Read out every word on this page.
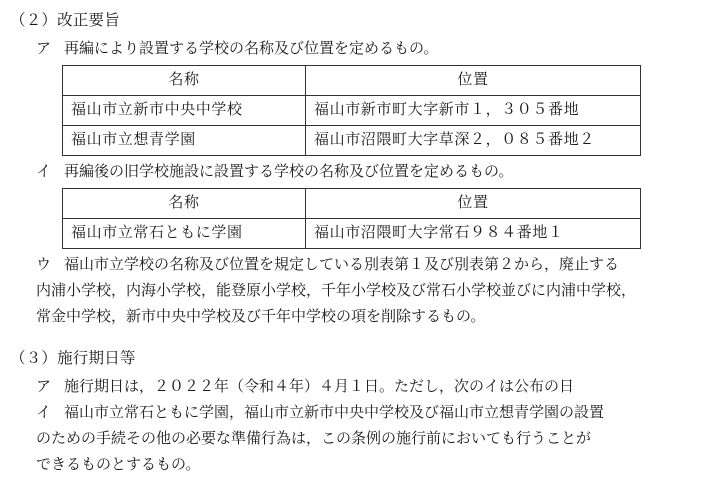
（２）改正要旨

ア 再編により設置する学校の名称及び位置を定めるもの。
名称	位置
福山市立新市中央中学校	福山市新市町大字新市１，３０５番地
福山市立想青学園	福山市沼隈町大字草深２，０８５番地２
イ 再編後の旧学校施設に設置する学校の名称及び位置を定めるもの。
名称	位置
福山市立常石ともに学園	福山市沼隈町大字常石９８４番地１
ウ 福山市立学校の名称及び位置を規定している別表第１及び別表第２から，廃止する
内浦小学校，内海小学校，能登原小学校，千年小学校及び常石小学校並びに内浦中学校，
常金中学校，新市中央中学校及び千年中学校の項を削除するもの。

（３）施行期日等

ア 施行期日は，２０２２年（令和４年）４月１日。ただし，次のイは公布の日
イ 福山市立常石ともに学園，福山市立新市中央中学校及び福山市立想青学園の設置
のための手続その他の必要な準備行為は，この条例の施行前においても行うことが
できるものとするもの。
